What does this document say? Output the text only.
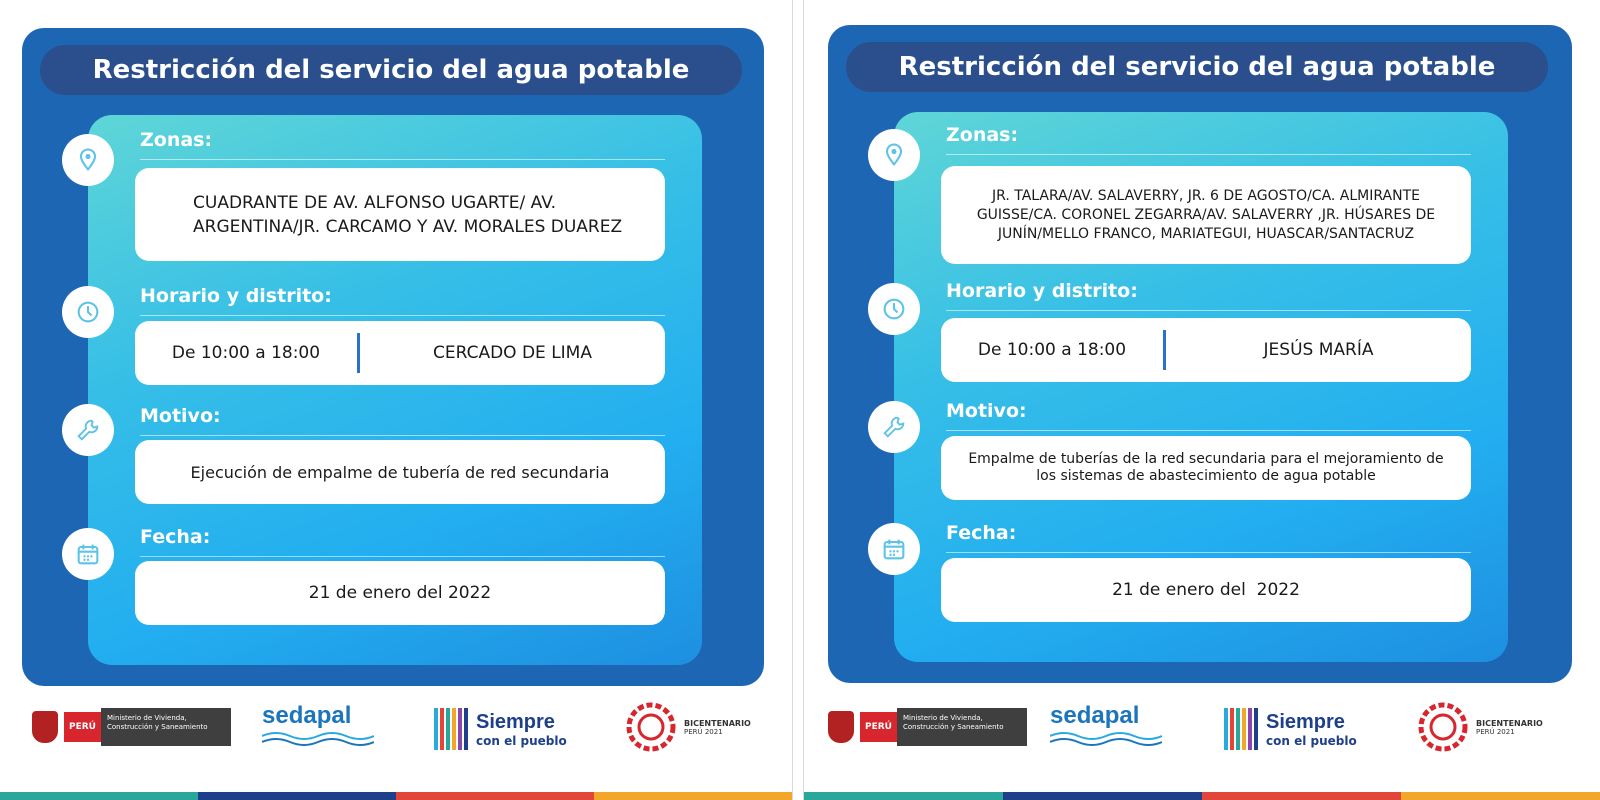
Restricción del servicio del agua potable
Zonas:
CUADRANTE DE AV. ALFONSO UGARTE/ AV. ARGENTINA/JR. CARCAMO Y AV. MORALES DUAREZ
Horario y distrito:
De 10:00 a 18:00	CERCADO DE LIMA
Motivo:
Ejecución de empalme de tubería de red secundaria
Fecha:
21 de enero del 2022
PERÚ
Ministerio de Vivienda, Construcción y Saneamiento	sedapal	Siempre
con el pueblo
BICENTENARIO
PERÚ 2021
Restricción del servicio del agua potable
Zonas:
JR. TALARA/AV. SALAVERRY, JR. 6 DE AGOSTO/CA. ALMIRANTE GUISSE/CA. CORONEL ZEGARRA/AV. SALAVERRY ,JR. HÚSARES DE JUNÍN/MELLO FRANCO, MARIATEGUI, HUASCAR/SANTACRUZ
Horario y distrito:
De 10:00 a 18:00	JESÚS MARÍA
Motivo:
Empalme de tuberías de la red secundaria para el mejoramiento de los sistemas de abastecimiento de agua potable
Fecha:
21 de enero del  2022
PERÚ
Ministerio de Vivienda, Construcción y Saneamiento	sedapal	Siempre
con el pueblo
BICENTENARIO
PERÚ 2021
